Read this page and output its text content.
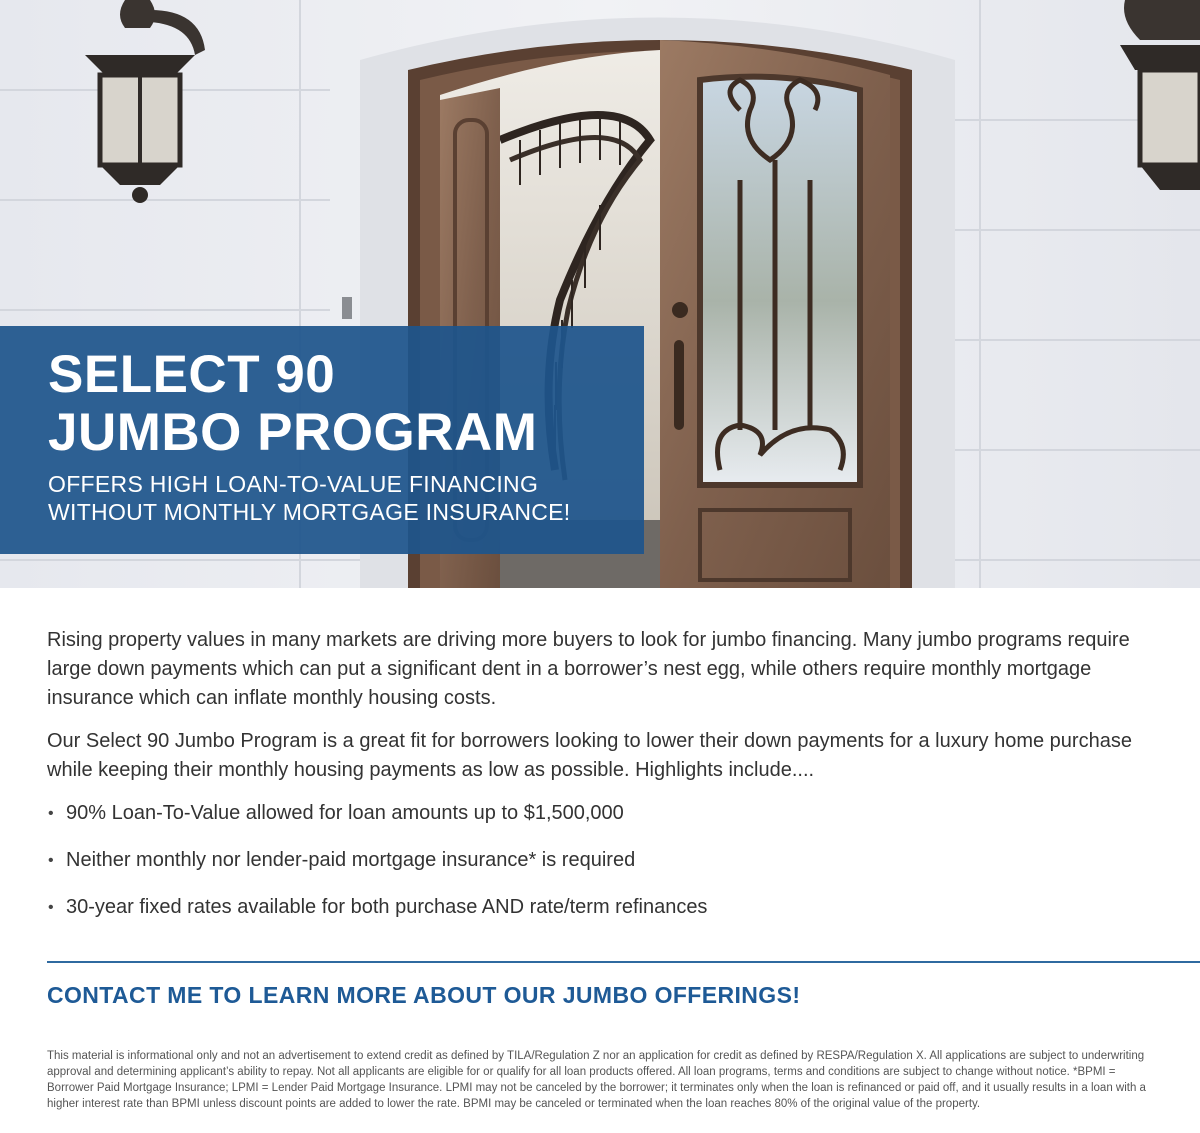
SELECT 90
JUMBO PROGRAM
OFFERS HIGH LOAN-TO-VALUE FINANCING
WITHOUT MONTHLY MORTGAGE INSURANCE!

Rising property values in many markets are driving more buyers to look for jumbo financing. Many jumbo programs require large down payments which can put a significant dent in a borrower’s nest egg, while others require monthly mortgage insurance which can inflate monthly housing costs.

Our Select 90 Jumbo Program is a great fit for borrowers looking to lower their down payments for a luxury home purchase while keeping their monthly housing payments as low as possible. Highlights include....

• 90% Loan-To-Value allowed for loan amounts up to $1,500,000
• Neither monthly nor lender-paid mortgage insurance* is required
• 30-year fixed rates available for both purchase AND rate/term refinances
CONTACT ME TO LEARN MORE ABOUT OUR JUMBO OFFERINGS!
This material is informational only and not an advertisement to extend credit as defined by TILA/Regulation Z nor an application for credit as defined by RESPA/Regulation X. All applications are subject to underwriting approval and determining applicant’s ability to repay. Not all applicants are eligible for or qualify for all loan products offered. All loan programs, terms and conditions are subject to change without notice. *BPMI = Borrower Paid Mortgage Insurance; LPMI = Lender Paid Mortgage Insurance. LPMI may not be canceled by the borrower; it terminates only when the loan is refinanced or paid off, and it usually results in a loan with a higher interest rate than BPMI unless discount points are added to lower the rate. BPMI may be canceled or terminated when the loan reaches 80% of the original value of the property.
